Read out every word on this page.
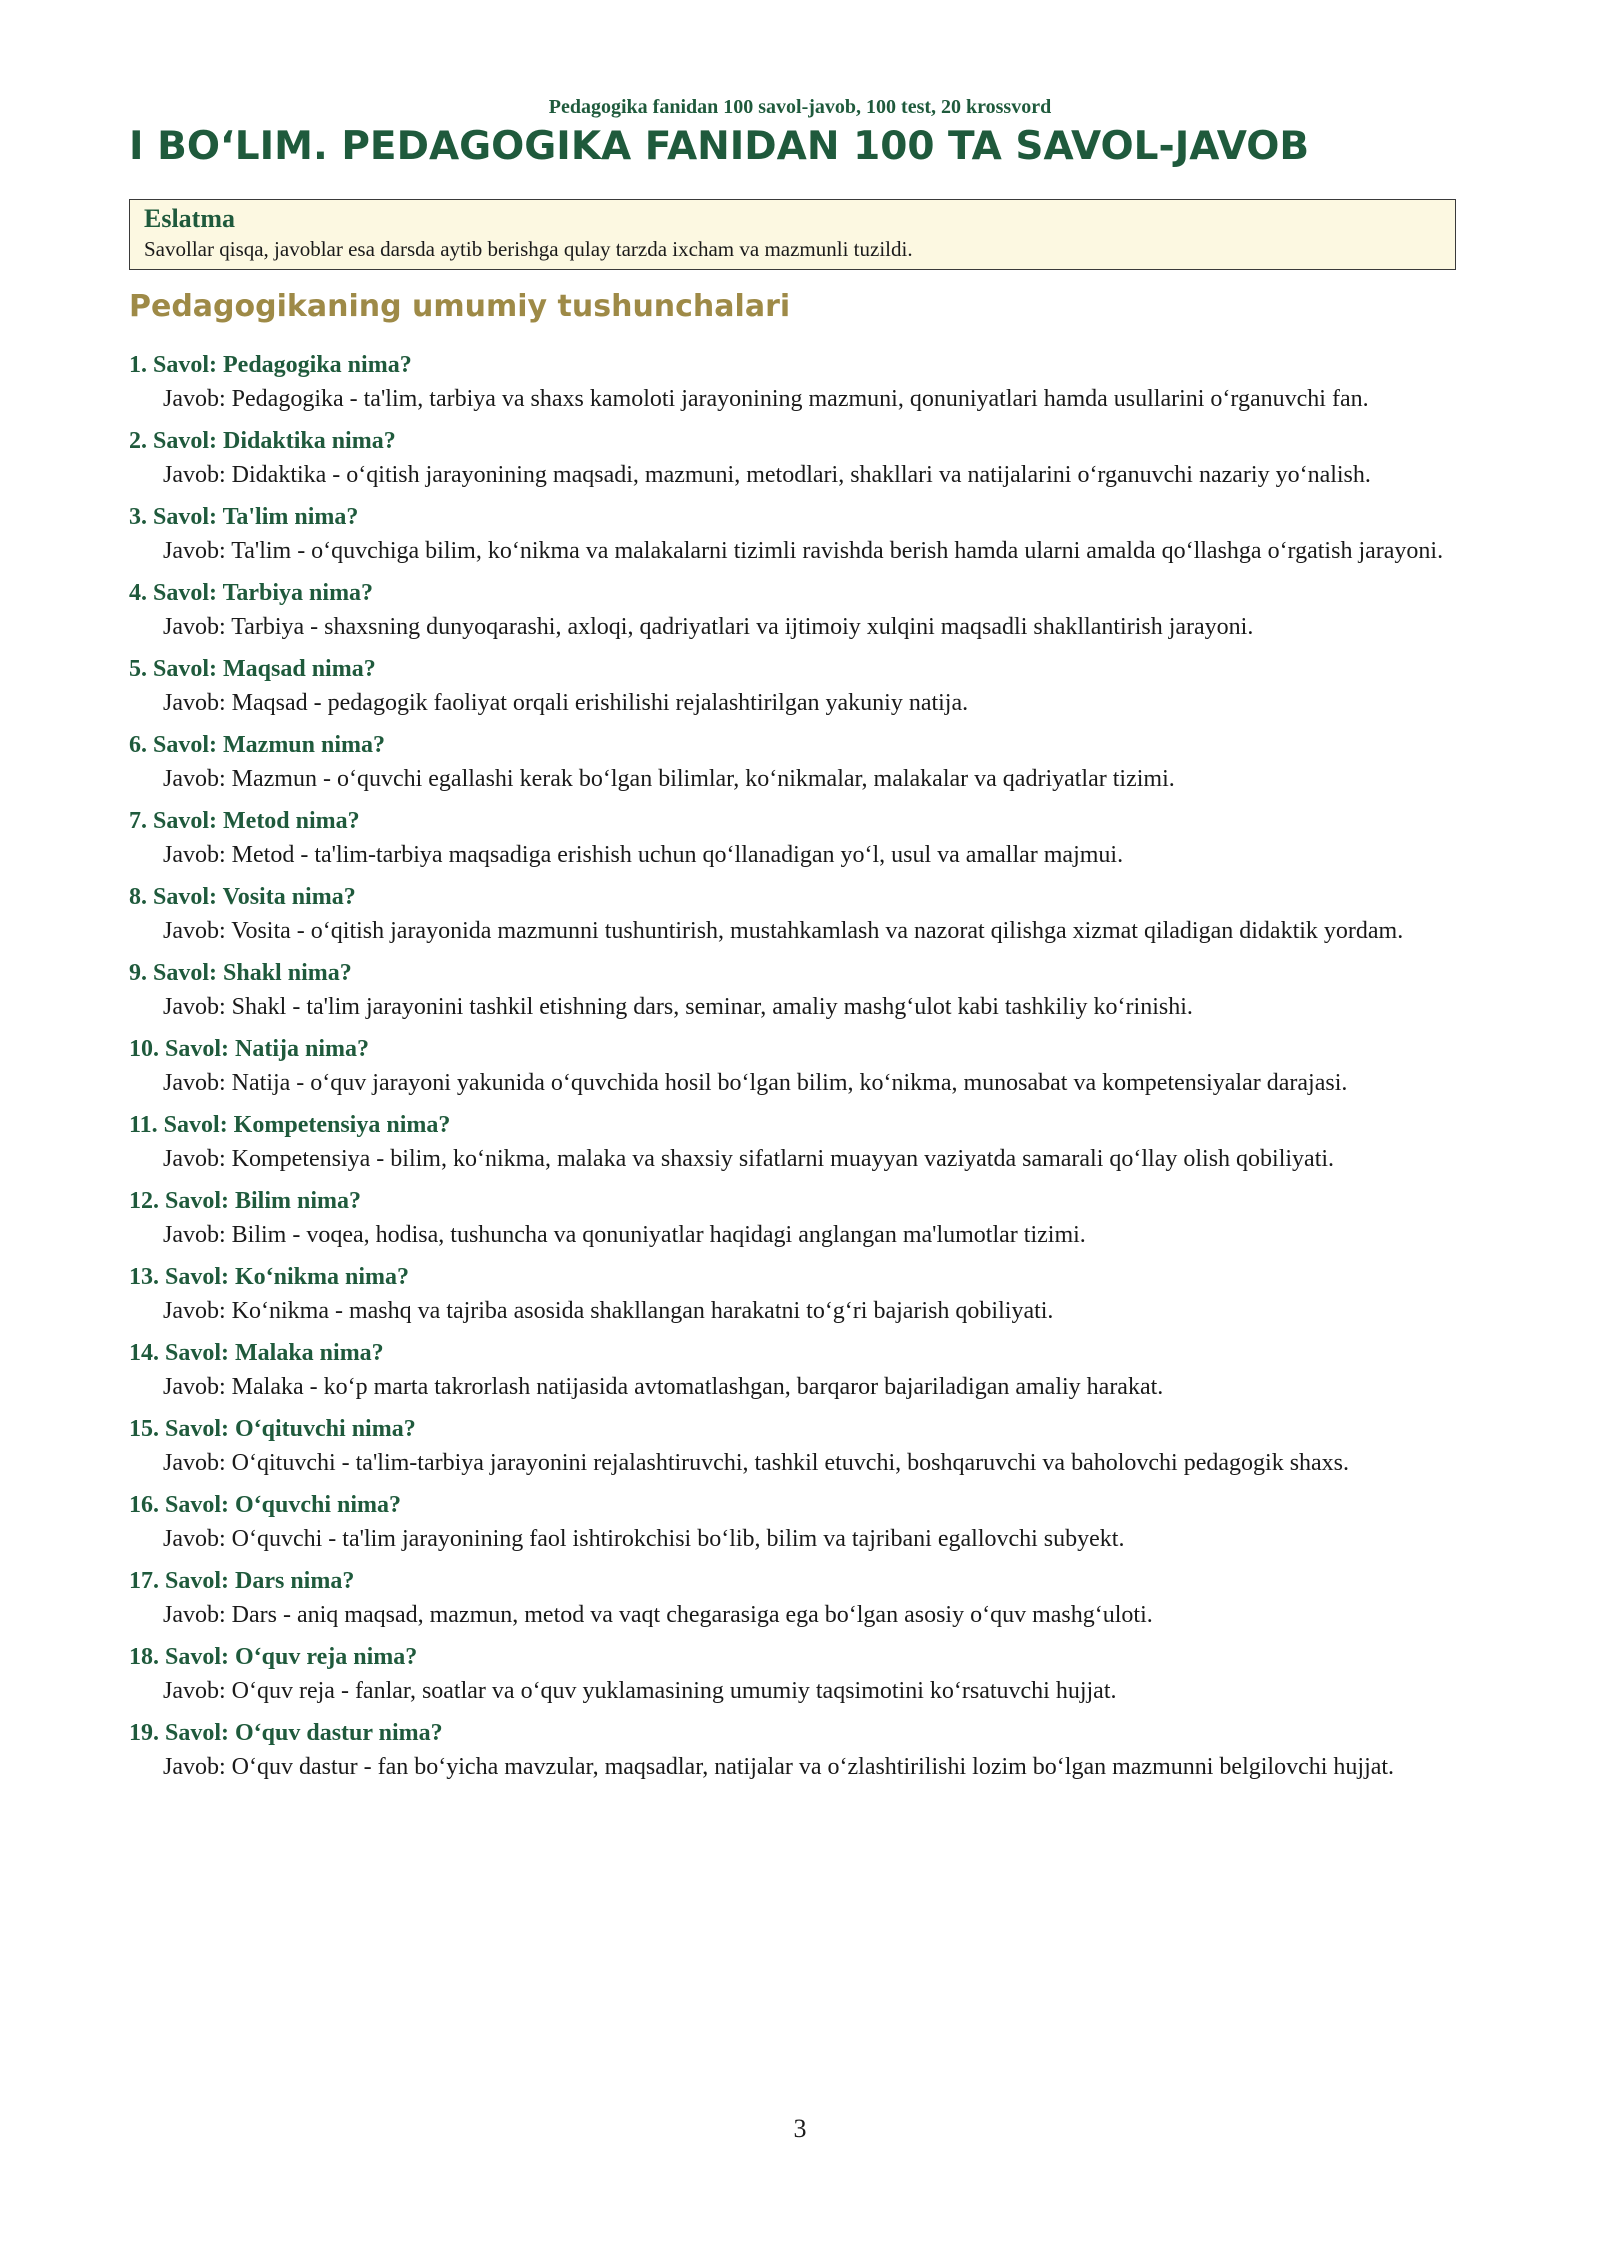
Pedagogika fanidan 100 savol-javob, 100 test, 20 krossvord
I BOʻLIM. PEDAGOGIKA FANIDAN 100 TA SAVOL-JAVOB
Eslatma
Savollar qisqa, javoblar esa darsda aytib berishga qulay tarzda ixcham va mazmunli tuzildi.
Pedagogikaning umumiy tushunchalari
1. Savol: Pedagogika nima?
Javob: Pedagogika - ta'lim, tarbiya va shaxs kamoloti jarayonining mazmuni, qonuniyatlari hamda usullarini oʻrganuvchi fan.
2. Savol: Didaktika nima?
Javob: Didaktika - oʻqitish jarayonining maqsadi, mazmuni, metodlari, shakllari va natijalarini oʻrganuvchi nazariy yoʻnalish.
3. Savol: Ta'lim nima?
Javob: Ta'lim - oʻquvchiga bilim, koʻnikma va malakalarni tizimli ravishda berish hamda ularni amalda qoʻllashga oʻrgatish jarayoni.
4. Savol: Tarbiya nima?
Javob: Tarbiya - shaxsning dunyoqarashi, axloqi, qadriyatlari va ijtimoiy xulqini maqsadli shakllantirish jarayoni.
5. Savol: Maqsad nima?
Javob: Maqsad - pedagogik faoliyat orqali erishilishi rejalashtirilgan yakuniy natija.
6. Savol: Mazmun nima?
Javob: Mazmun - oʻquvchi egallashi kerak boʻlgan bilimlar, koʻnikmalar, malakalar va qadriyatlar tizimi.
7. Savol: Metod nima?
Javob: Metod - ta'lim-tarbiya maqsadiga erishish uchun qoʻllanadigan yoʻl, usul va amallar majmui.
8. Savol: Vosita nima?
Javob: Vosita - oʻqitish jarayonida mazmunni tushuntirish, mustahkamlash va nazorat qilishga xizmat qiladigan didaktik yordam.
9. Savol: Shakl nima?
Javob: Shakl - ta'lim jarayonini tashkil etishning dars, seminar, amaliy mashgʻulot kabi tashkiliy koʻrinishi.
10. Savol: Natija nima?
Javob: Natija - oʻquv jarayoni yakunida oʻquvchida hosil boʻlgan bilim, koʻnikma, munosabat va kompetensiyalar darajasi.
11. Savol: Kompetensiya nima?
Javob: Kompetensiya - bilim, koʻnikma, malaka va shaxsiy sifatlarni muayyan vaziyatda samarali qoʻllay olish qobiliyati.
12. Savol: Bilim nima?
Javob: Bilim - voqea, hodisa, tushuncha va qonuniyatlar haqidagi anglangan ma'lumotlar tizimi.
13. Savol: Koʻnikma nima?
Javob: Koʻnikma - mashq va tajriba asosida shakllangan harakatni toʻgʻri bajarish qobiliyati.
14. Savol: Malaka nima?
Javob: Malaka - koʻp marta takrorlash natijasida avtomatlashgan, barqaror bajariladigan amaliy harakat.
15. Savol: Oʻqituvchi nima?
Javob: Oʻqituvchi - ta'lim-tarbiya jarayonini rejalashtiruvchi, tashkil etuvchi, boshqaruvchi va baholovchi pedagogik shaxs.
16. Savol: Oʻquvchi nima?
Javob: Oʻquvchi - ta'lim jarayonining faol ishtirokchisi boʻlib, bilim va tajribani egallovchi subyekt.
17. Savol: Dars nima?
Javob: Dars - aniq maqsad, mazmun, metod va vaqt chegarasiga ega boʻlgan asosiy oʻquv mashgʻuloti.
18. Savol: Oʻquv reja nima?
Javob: Oʻquv reja - fanlar, soatlar va oʻquv yuklamasining umumiy taqsimotini koʻrsatuvchi hujjat.
19. Savol: Oʻquv dastur nima?
Javob: Oʻquv dastur - fan boʻyicha mavzular, maqsadlar, natijalar va oʻzlashtirilishi lozim boʻlgan mazmunni belgilovchi hujjat.
3
